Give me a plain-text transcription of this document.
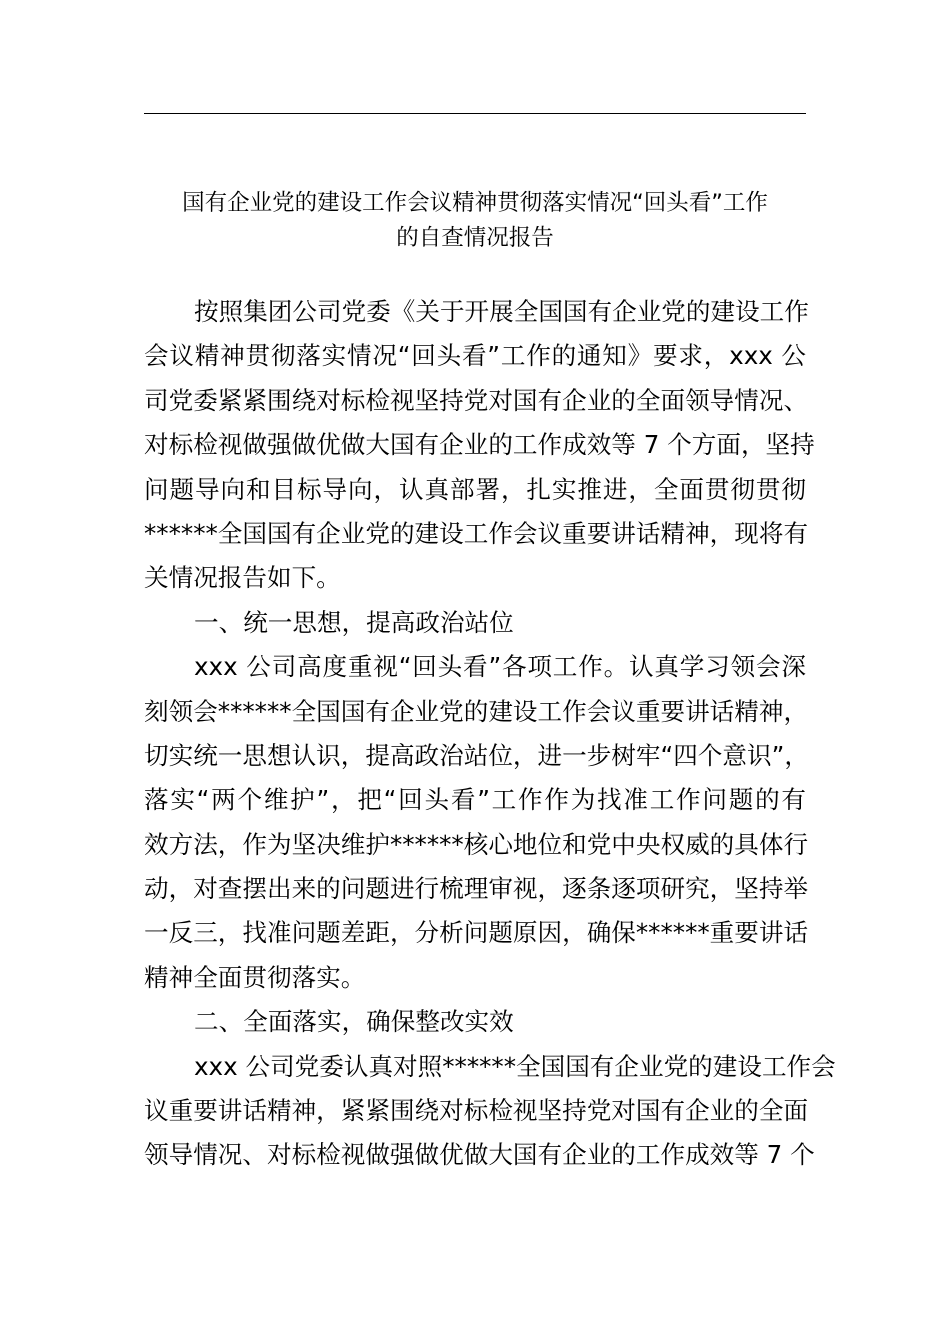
国有企业党的建设工作会议精神贯彻落实情况“回头看”工作
的自查情况报告
按照集团公司党委《关于开展全国国有企业党的建设工作
会议精神贯彻落实情况“回头看”工作的通知》要求，xxx 公
司党委紧紧围绕对标检视坚持党对国有企业的全面领导情况、
对标检视做强做优做大国有企业的工作成效等 7 个方面，坚持
问题导向和目标导向，认真部署，扎实推进，全面贯彻贯彻
******全国国有企业党的建设工作会议重要讲话精神，现将有
关情况报告如下。
一、统一思想，提高政治站位
xxx 公司高度重视“回头看”各项工作。认真学习领会深
刻领会******全国国有企业党的建设工作会议重要讲话精神，
切实统一思想认识，提高政治站位，进一步树牢“四个意识”，
落实“两个维护”，把“回头看”工作作为找准工作问题的有
效方法，作为坚决维护******核心地位和党中央权威的具体行
动，对查摆出来的问题进行梳理审视，逐条逐项研究，坚持举
一反三，找准问题差距，分析问题原因，确保******重要讲话
精神全面贯彻落实。
二、全面落实，确保整改实效
xxx 公司党委认真对照******全国国有企业党的建设工作会
议重要讲话精神，紧紧围绕对标检视坚持党对国有企业的全面
领导情况、对标检视做强做优做大国有企业的工作成效等 7 个
